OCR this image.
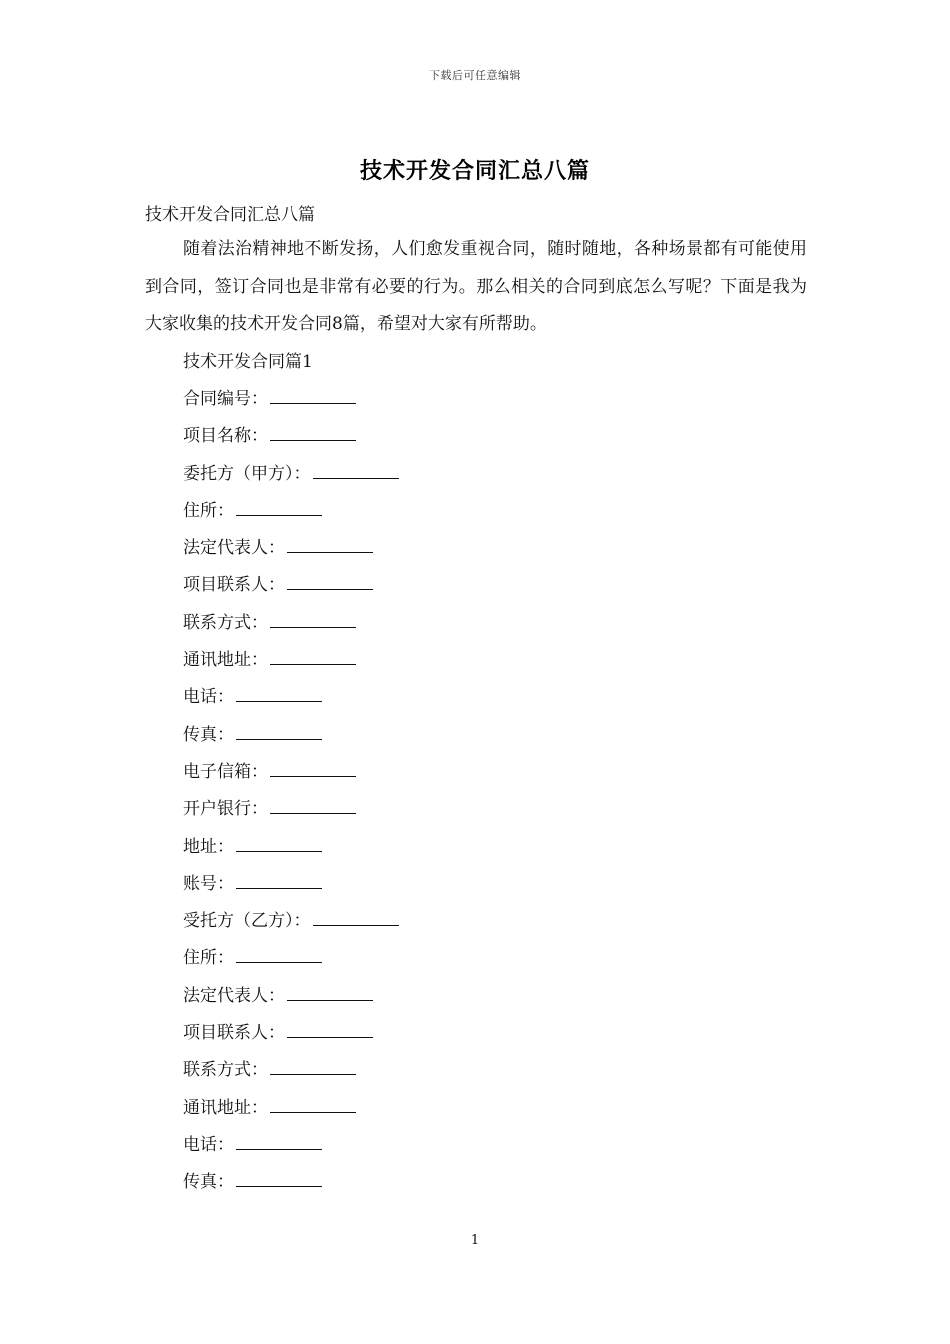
下载后可任意编辑
技术开发合同汇总八篇
技术开发合同汇总八篇

随着法治精神地不断发扬，人们愈发重视合同，随时随地，各种场景都有可能使用到合同，签订合同也是非常有必要的行为。那么相关的合同到底怎么写呢？下面是我为大家收集的技术开发合同8篇，希望对大家有所帮助。

技术开发合同篇1
合同编号：
项目名称：
委托方（甲方）：
住所：
法定代表人：
项目联系人：
联系方式：
通讯地址：
电话：
传真：
电子信箱：
开户银行：
地址：
账号：
受托方（乙方）：
住所：
法定代表人：
项目联系人：
联系方式：
通讯地址：
电话：
传真：
1
